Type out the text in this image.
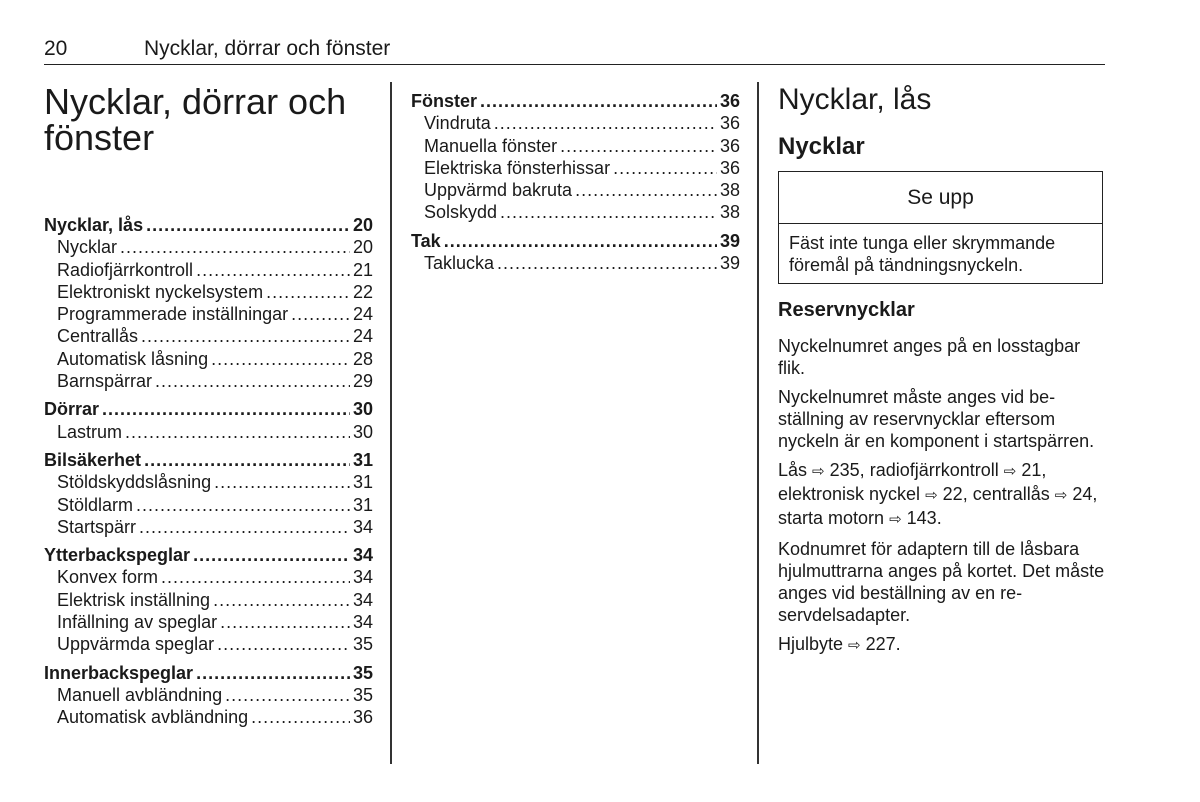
20	Nycklar, dörrar och fönster
Nycklar, dörrar och
fönster
Nycklar, lås .....	20
Nycklar .....	20
Radiofjärrkontroll .....	21
Elektroniskt nyckelsystem .....	22
Programmerade inställningar .....	24
Centrallås .....	24
Automatisk låsning .....	28
Barnspärrar .....	29
Dörrar .....	30
Lastrum .....	30
Bilsäkerhet .....	31
Stöldskyddslåsning .....	31
Stöldlarm .....	31
Startspärr .....	34
Ytterbackspeglar .....	34
Konvex form .....	34
Elektrisk inställning .....	34
Infällning av speglar .....	34
Uppvärmda speglar .....	35
Innerbackspeglar .....	35
Manuell avbländning .....	35
Automatisk avbländning .....	36
Fönster .....	36
Vindruta .....	36
Manuella fönster .....	36
Elektriska fönsterhissar .....	36
Uppvärmd bakruta .....	38
Solskydd .....	38
Tak .....	39
Taklucka .....	39
Nycklar, lås
Nycklar
Se upp
Fäst inte tunga eller skrymmande föremål på tändningsnyckeln.
Reservnycklar

Nyckelnumret anges på en losstagbar flik.

Nyckelnumret måste anges vid beställning av reservnycklar eftersom nyckeln är en komponent i startspärren.

Lås ⇨ 235, radiofjärrkontroll ⇨ 21, elektronisk nyckel ⇨ 22, centrallås ⇨ 24, starta motorn ⇨ 143.

Kodnumret för adaptern till de låsbara hjulmuttrarna anges på kortet. Det måste anges vid beställning av en reservdelsadapter.

Hjulbyte ⇨ 227.
